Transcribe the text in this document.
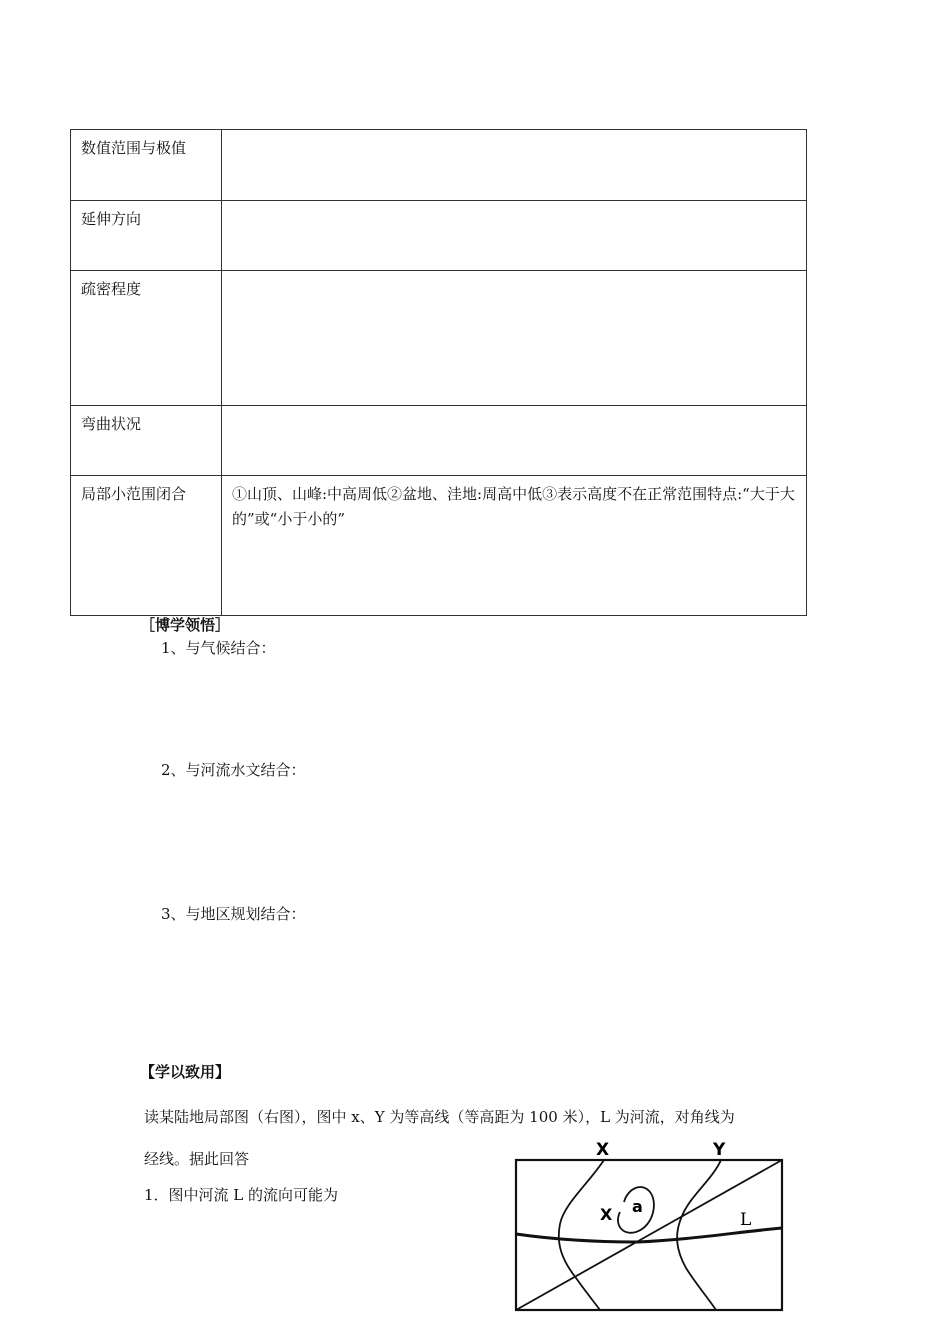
数值范围与极值	
延伸方向	
疏密程度	
弯曲状况	
局部小范围闭合	①山顶、山峰:中高周低②盆地、洼地:周高中低③表示高度不在正常范围特点:“大于大的”或“小于小的”
［博学领悟］
1、与气候结合：
2、与河流水文结合：
3、与地区规划结合：
【学以致用】
读某陆地局部图（右图），图中 x、Y 为等高线（等高距为 100 米），L 为河流，对角线为
经线。据此回答
1．图中河流 L 的流向可能为
X	Y
X a
L
